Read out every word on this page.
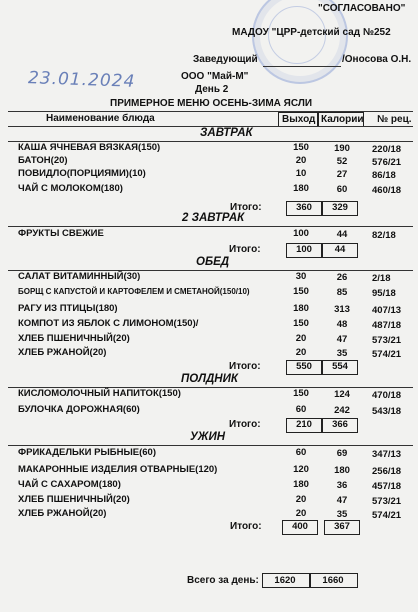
"СОГЛАСОВАНО"
МАДОУ "ЦРР-детский сад №252
Заведующий	/Оносова О.Н.
23.01.2024	ООО "Май-М"
День 2
ПРИМЕРНОЕ МЕНЮ ОСЕНЬ-ЗИМА ЯСЛИ
Наименование блюда	Выход Калории № рец.
ЗАВТРАК
КАША ЯЧНЕВАЯ ВЯЗКАЯ(150)	150	190	220/18
БАТОН(20)	20	52	576/21
ПОВИДЛО(ПОРЦИЯМИ)(10)	10	27	86/18
ЧАЙ С МОЛОКОМ(180)	180	60	460/18
Итого:	360	329
2 ЗАВТРАК
ФРУКТЫ СВЕЖИЕ	100	44	82/18
Итого:	100	44
ОБЕД
САЛАТ ВИТАМИННЫЙ(30)	30	26	2/18
БОРЩ С КАПУСТОЙ И КАРТОФЕЛЕМ И СМЕТАНОЙ(150/10)	150	85	95/18
РАГУ ИЗ ПТИЦЫ(180)	180	313	407/13
КОМПОТ ИЗ ЯБЛОК С ЛИМОНОМ(150)/	150	48	487/18
ХЛЕБ ПШЕНИЧНЫЙ(20)	20	47	573/21
ХЛЕБ РЖАНОЙ(20)	20	35	574/21
Итого:	550	554
ПОЛДНИК
КИСЛОМОЛОЧНЫЙ НАПИТОК(150)	150	124	470/18
БУЛОЧКА ДОРОЖНАЯ(60)	60	242	543/18
Итого:	210	366
УЖИН
ФРИКАДЕЛЬКИ РЫБНЫЕ(60)	60	69	347/13
МАКАРОННЫЕ ИЗДЕЛИЯ ОТВАРНЫЕ(120)	120	180	256/18
ЧАЙ С САХАРОМ(180)	180	36	457/18
ХЛЕБ ПШЕНИЧНЫЙ(20)	20	47	573/21
ХЛЕБ РЖАНОЙ(20)	20	35	574/21
Итого:	400	367
Всего за день:	1620	1660
